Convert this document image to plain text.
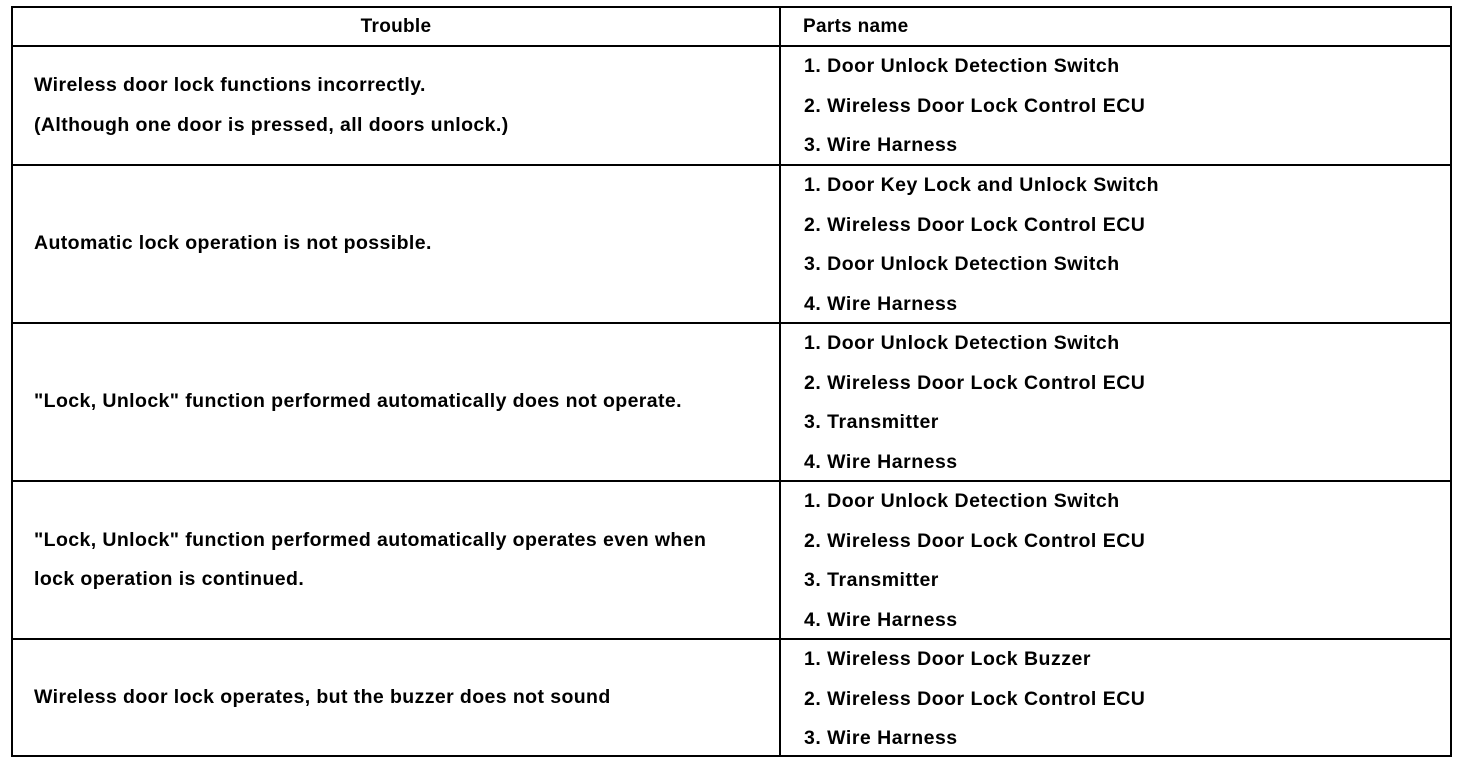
Trouble	Parts name
Wireless door lock functions incorrectly.
(Although one door is pressed, all doors unlock.)
1. Door Unlock Detection Switch
2. Wireless Door Lock Control ECU
3. Wire Harness
Automatic lock operation is not possible.
1. Door Key Lock and Unlock Switch
2. Wireless Door Lock Control ECU
3. Door Unlock Detection Switch
4. Wire Harness
"Lock, Unlock" function performed automatically does not operate.
1. Door Unlock Detection Switch
2. Wireless Door Lock Control ECU
3. Transmitter
4. Wire Harness
"Lock, Unlock" function performed automatically operates even when
lock operation is continued.
1. Door Unlock Detection Switch
2. Wireless Door Lock Control ECU
3. Transmitter
4. Wire Harness
Wireless door lock operates, but the buzzer does not sound
1. Wireless Door Lock Buzzer
2. Wireless Door Lock Control ECU
3. Wire Harness
